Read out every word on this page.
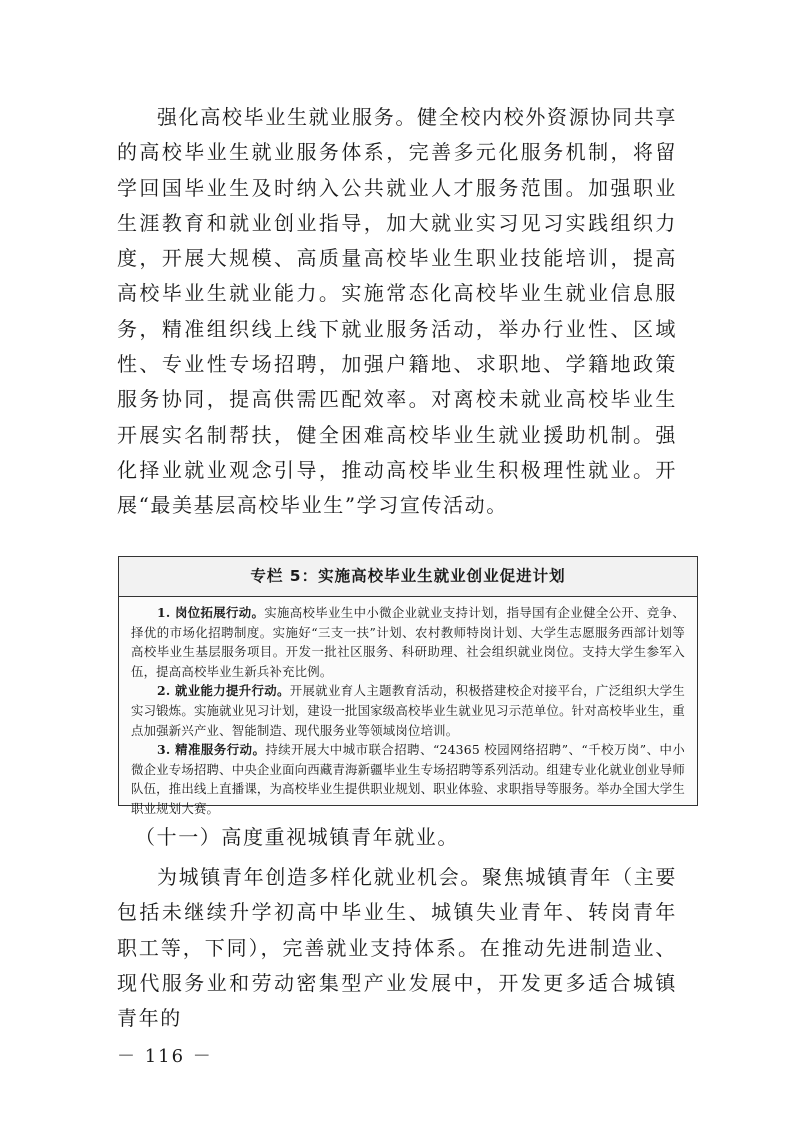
强化高校毕业生就业服务。健全校内校外资源协同共享的高校毕业生就业服务体系，完善多元化服务机制，将留学回国毕业生及时纳入公共就业人才服务范围。加强职业生涯教育和就业创业指导，加大就业实习见习实践组织力度，开展大规模、高质量高校毕业生职业技能培训，提高高校毕业生就业能力。实施常态化高校毕业生就业信息服务，精准组织线上线下就业服务活动，举办行业性、区域性、专业性专场招聘，加强户籍地、求职地、学籍地政策服务协同，提高供需匹配效率。对离校未就业高校毕业生开展实名制帮扶，健全困难高校毕业生就业援助机制。强化择业就业观念引导，推动高校毕业生积极理性就业。开展“最美基层高校毕业生”学习宣传活动。

专栏 5：实施高校毕业生就业创业促进计划

1. 岗位拓展行动。实施高校毕业生中小微企业就业支持计划，指导国有企业健全公开、竞争、择优的市场化招聘制度。实施好“三支一扶”计划、农村教师特岗计划、大学生志愿服务西部计划等高校毕业生基层服务项目。开发一批社区服务、科研助理、社会组织就业岗位。支持大学生参军入伍，提高高校毕业生新兵补充比例。

2. 就业能力提升行动。开展就业育人主题教育活动，积极搭建校企对接平台，广泛组织大学生实习锻炼。实施就业见习计划，建设一批国家级高校毕业生就业见习示范单位。针对高校毕业生，重点加强新兴产业、智能制造、现代服务业等领域岗位培训。

3. 精准服务行动。持续开展大中城市联合招聘、“24365 校园网络招聘”、“千校万岗”、中小微企业专场招聘、中央企业面向西藏青海新疆毕业生专场招聘等系列活动。组建专业化就业创业导师队伍，推出线上直播课，为高校毕业生提供职业规划、职业体验、求职指导等服务。举办全国大学生职业规划大赛。

（十一）高度重视城镇青年就业。

为城镇青年创造多样化就业机会。聚焦城镇青年（主要包括未继续升学初高中毕业生、城镇失业青年、转岗青年职工等，下同），完善就业支持体系。在推动先进制造业、现代服务业和劳动密集型产业发展中，开发更多适合城镇青年的

－ 116 －
